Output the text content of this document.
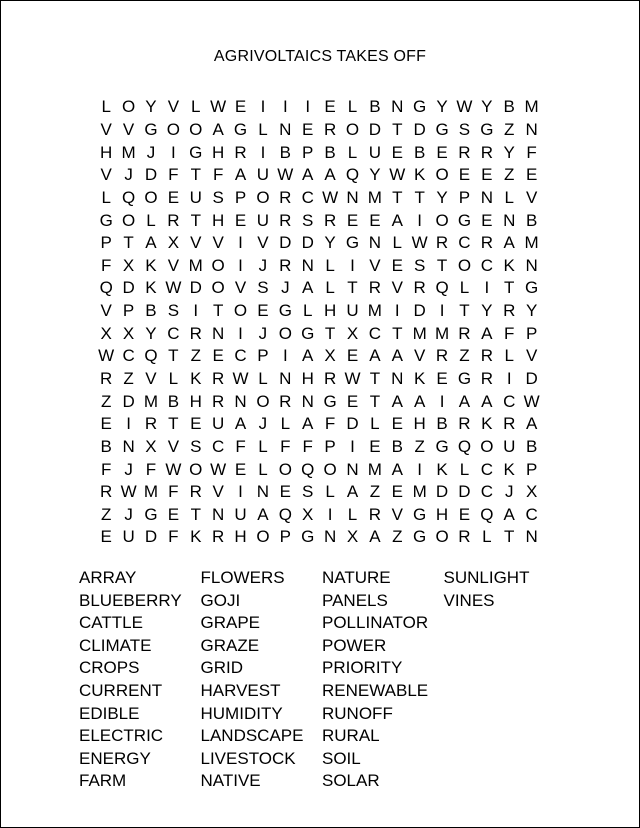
AGRIVOLTAICS TAKES OFF
L O Y V L W E I	I	I E L B N G Y W Y B M
V V G O O A G L N E R O D T D G S G Z N
H M J I G H R I B P B L U E B E R R Y F
V J D F T F A U W A A Q Y W K O E E Z E
L Q O E U S P O R C W N M T T Y P N L V
G O L R T H E U R S R E E A I O G E N B
P T A X V V I V D D Y G N L W R C R A M
F X K V M O I J R N L I V E S T O C K N
Q D K W D O V S J A L T R V R Q L I T G
V P B S I T O E G L H U M I D I T Y R Y
X X Y C R N I J O G T X C T M M R A F P
W C Q T Z E C P I A X E A A V R Z R L V
R Z V L K R W L N H R W T N K E G R I D
Z D M B H R N O R N G E T A A I A A C W
E I R T E U A J L A F D L E H B R K R A
B N X V S C F L F F P I E B Z G Q O U B
F J F W O W E L O Q O N M A I K L C K P
R W M F R V I N E S L A Z E M D D C J X
Z J G E T N U A Q X I L R V G H E Q A C
E U D F K R H O P G N X A Z G O R L T N
ARRAY
BLUEBERRY
CATTLE
CLIMATE
CROPS
CURRENT
EDIBLE
ELECTRIC
ENERGY
FARM
FLOWERS
GOJI
GRAPE
GRAZE
GRID
HARVEST
HUMIDITY
LANDSCAPE
LIVESTOCK
NATIVE
NATURE
PANELS
POLLINATOR
POWER
PRIORITY
RENEWABLE
RUNOFF
RURAL
SOIL
SOLAR
SUNLIGHT
VINES
